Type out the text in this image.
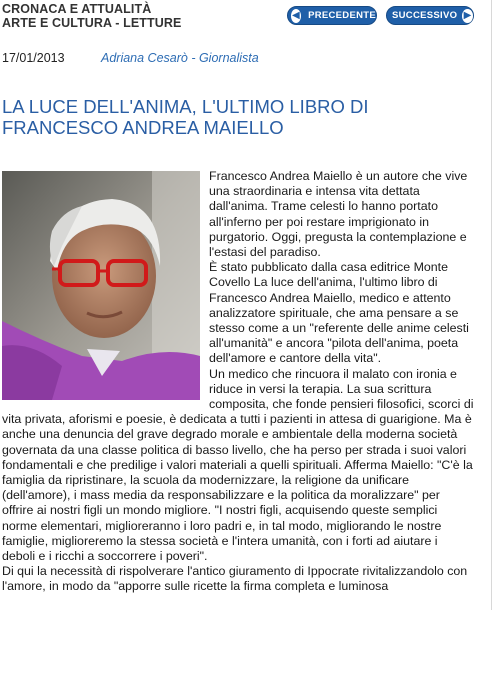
CRONACA E ATTUALITÀ
ARTE E CULTURA - LETTURE
◀ PRECEDENTE SUCCESSIVO ▶
17/01/2013	Adriana Cesarò - Giornalista
LA LUCE DELL'ANIMA, L'ULTIMO LIBRO DI FRANCESCO ANDREA MAIELLO

Francesco Andrea Maiello è un autore che vive una straordinaria e intensa vita dettata dall'anima. Trame celesti lo hanno portato all'inferno per poi restare imprigionato in purgatorio. Oggi, pregusta la contemplazione e l'estasi del paradiso.

È stato pubblicato dalla casa editrice Monte Covello La luce dell'anima, l'ultimo libro di Francesco Andrea Maiello, medico e attento analizzatore spirituale, che ama pensare a se stesso come a un "referente delle anime celesti all'umanità" e ancora "pilota dell'anima, poeta dell'amore e cantore della vita".

Un medico che rincuora il malato con ironia e riduce in versi la terapia. La sua scrittura composita, che fonde pensieri filosofici, scorci di vita privata, aforismi e poesie, è dedicata a tutti i pazienti in attesa di guarigione. Ma è anche una denuncia del grave degrado morale e ambientale della moderna società governata da una classe politica di basso livello, che ha perso per strada i suoi valori fondamentali e che predilige i valori materiali a quelli spirituali. Afferma Maiello: "C'è la famiglia da ripristinare, la scuola da modernizzare, la religione da unificare (dell'amore), i mass media da responsabilizzare e la politica da moralizzare" per offrire ai nostri figli un mondo migliore. "I nostri figli, acquisendo queste semplici norme elementari, miglioreranno i loro padri e, in tal modo, migliorando le nostre famiglie, miglioreremo la stessa società e l'intera umanità, con i forti ad aiutare i deboli e i ricchi a soccorrere i poveri".

Di qui la necessità di rispolverare l'antico giuramento di Ippocrate rivitalizzandolo con l'amore, in modo da "apporre sulle ricette la firma completa e luminosa
